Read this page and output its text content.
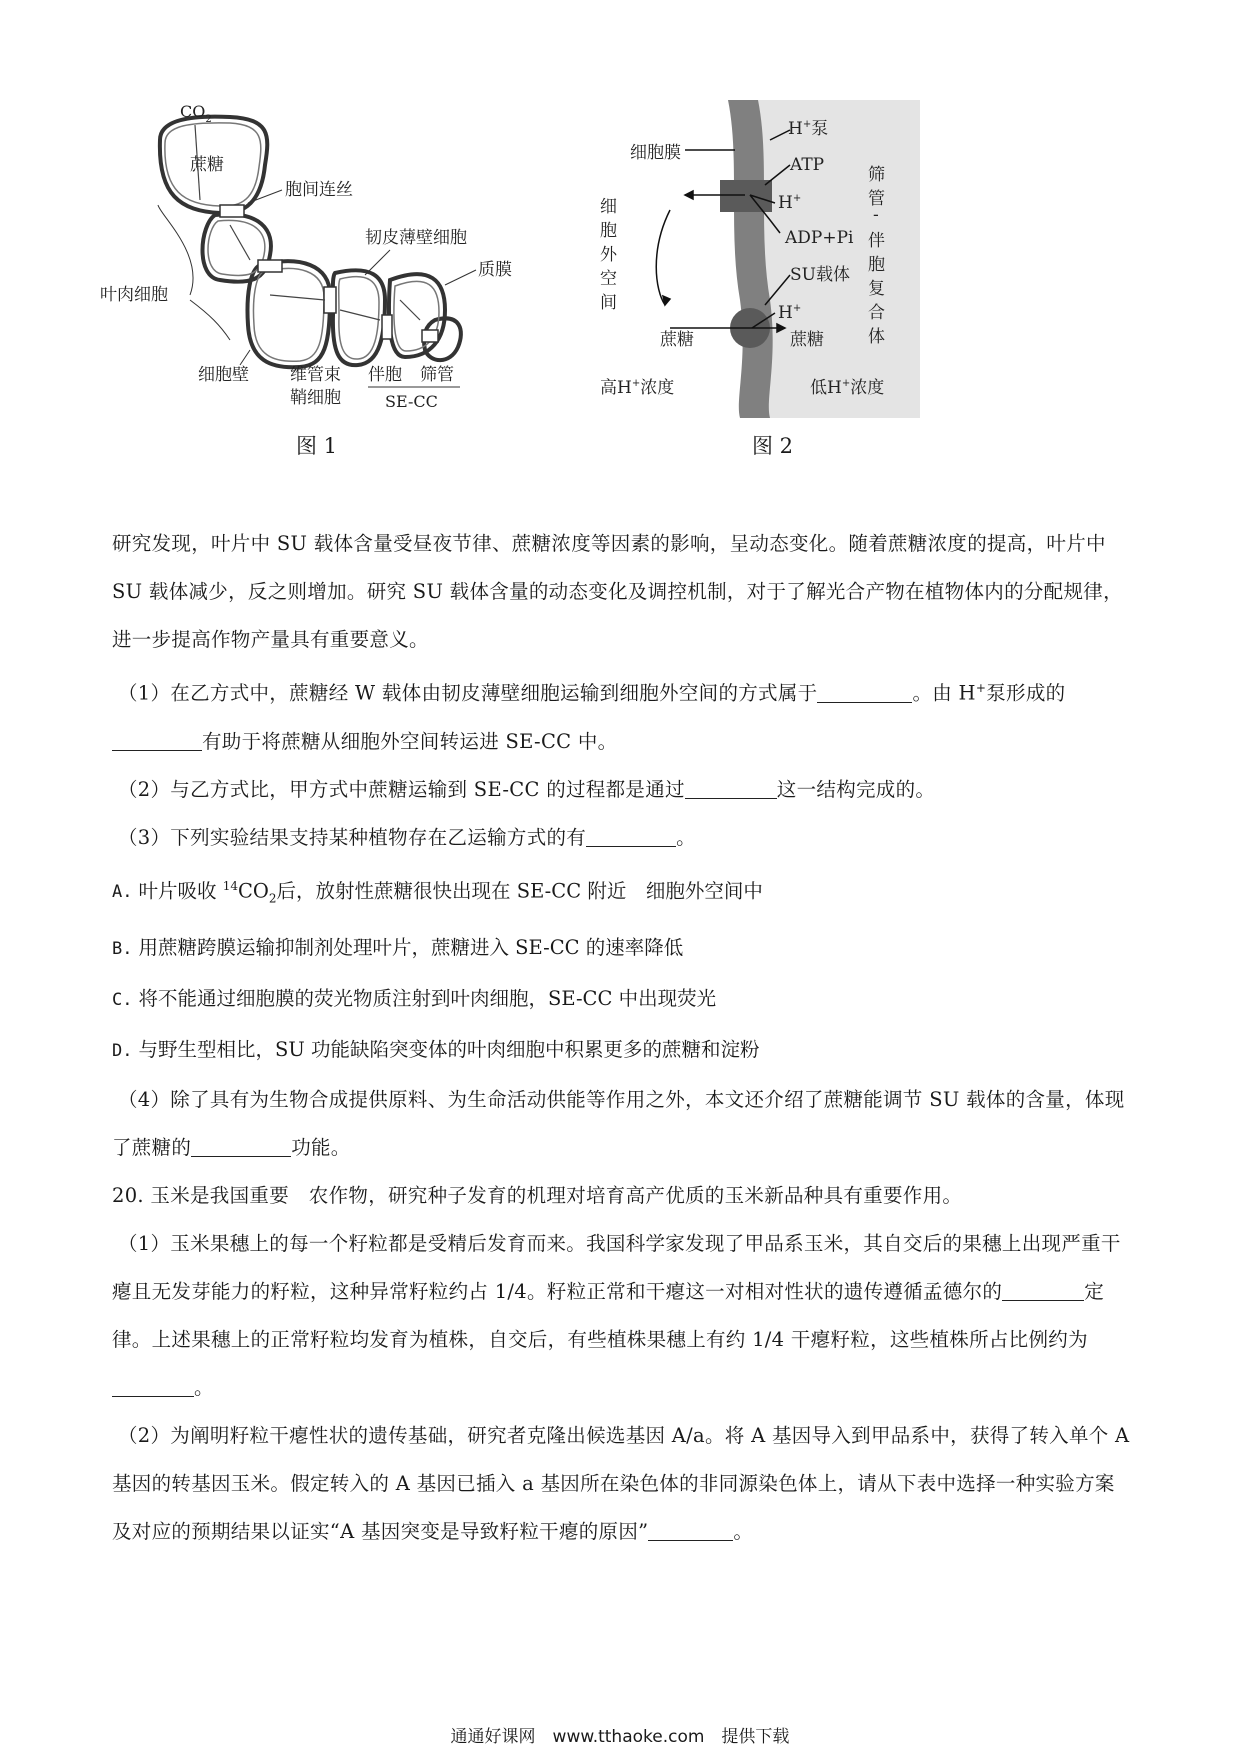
$CO_2$
蔗糖
胞间连丝
韧皮薄壁细胞
质膜
叶肉细胞
细胞壁 维管束
鞘细胞
伴胞 筛管
SE-CC
图 1
H+泵
ATP
细胞膜
H+
ADP+Pi
SU载体
H+
蔗糖	蔗糖
细
胞
外
空
间
筛
管
-
伴
胞
复
合
体
高H+浓度	低H+浓度
图 2

研究发现，叶片中 SU 载体含量受昼夜节律、蔗糖浓度等因素的影响，呈动态变化。随着蔗糖浓度的提高，叶片中 SU 载体减少，反之则增加。研究 SU 载体含量的动态变化及调控机制，对于了解光合产物在植物体内的分配规律，进一步提高作物产量具有重要意义。

（1）在乙方式中，蔗糖经 W 载体由韧皮薄壁细胞运输到细胞外空间的方式属于	。由 H+泵形成的
有助于将蔗糖从细胞外空间转运进 SE-CC 中。

（2）与乙方式比，甲方式中蔗糖运输到 SE-CC 的过程都是通过	这一结构完成的。

（3）下列实验结果支持某种植物存在乙运输方式的有	。

A. 叶片吸收 $^{14}CO_2$后，放射性蔗糖很快出现在 SE-CC 附近　细胞外空间中

B. 用蔗糖跨膜运输抑制剂处理叶片，蔗糖进入 SE-CC 的速率降低

C. 将不能通过细胞膜的荧光物质注射到叶肉细胞，SE-CC 中出现荧光

D. 与野生型相比，SU 功能缺陷突变体的叶肉细胞中积累更多的蔗糖和淀粉

（4）除了具有为生物合成提供原料、为生命活动供能等作用之外，本文还介绍了蔗糖能调节 SU 载体的含量，体现了蔗糖的	功能。

20. 玉米是我国重要　农作物，研究种子发育的机理对培育高产优质的玉米新品种具有重要作用。

（1）玉米果穗上的每一个籽粒都是受精后发育而来。我国科学家发现了甲品系玉米，其自交后的果穗上出现严重干瘪且无发芽能力的籽粒，这种异常籽粒约占 1/4。籽粒正常和干瘪这一对相对性状的遗传遵循孟德尔的	定律。上述果穗上的正常籽粒均发育为植株，自交后，有些植株果穗上有约 1/4 干瘪籽粒，这些植株所占比例约为。

（2）为阐明籽粒干瘪性状的遗传基础，研究者克隆出候选基因 A/a。将 A 基因导入到甲品系中，获得了转入单个 A 基因的转基因玉米。假定转入的 A 基因已插入 a 基因所在染色体的非同源染色体上，请从下表中选择一种实验方案及对应的预期结果以证实“A 基因突变是导致籽粒干瘪的原因”	。

通通好课网　www.tthaoke.com　提供下载
